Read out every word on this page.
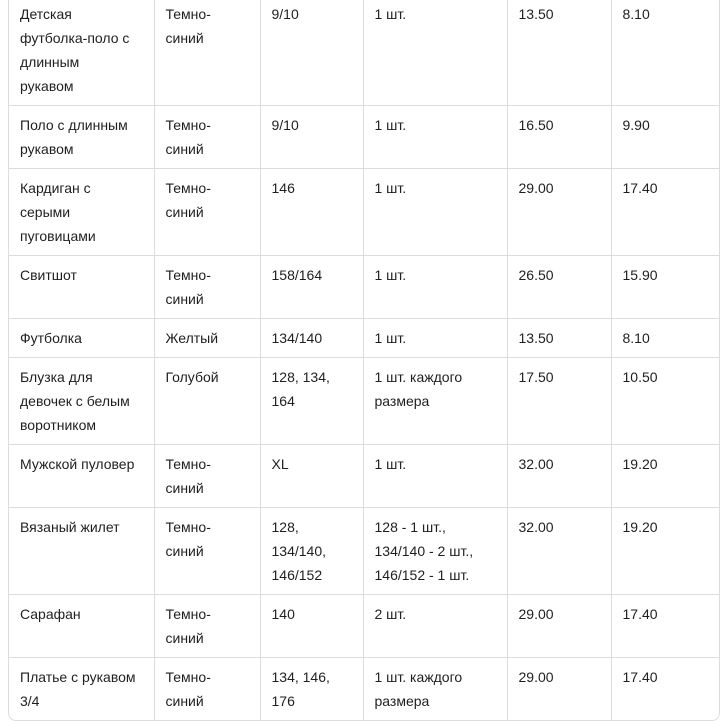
Детская
футболка-поло с
длинным
рукавом	Темно-
синий	9/10	1 шт.	13.50	8.10

Поло с длинным
рукавом	Темно-
синий	9/10	1 шт.	16.50	9.90

Кардиган с
серыми
пуговицами	Темно-
синий	146	1 шт.	29.00	17.40

Свитшот	Темно-
синий	158/164	1 шт.	26.50	15.90

Футболка	Желтый	134/140	1 шт.	13.50	8.10

Блузка для
девочек с белым
воротником	Голубой	128, 134,
164	1 шт. каждого
размера	17.50	10.50

Мужской пуловер	Темно-
синий	XL	1 шт.	32.00	19.20

Вязаный жилет	Темно-
синий	128,
134/140,
146/152	128 - 1 шт.,
134/140 - 2 шт.,
146/152 - 1 шт.	32.00	19.20

Сарафан	Темно-
синий	140	2 шт.	29.00	17.40

Платье с рукавом
3/4	Темно-
синий	134, 146,
176	1 шт. каждого
размера	29.00	17.40
